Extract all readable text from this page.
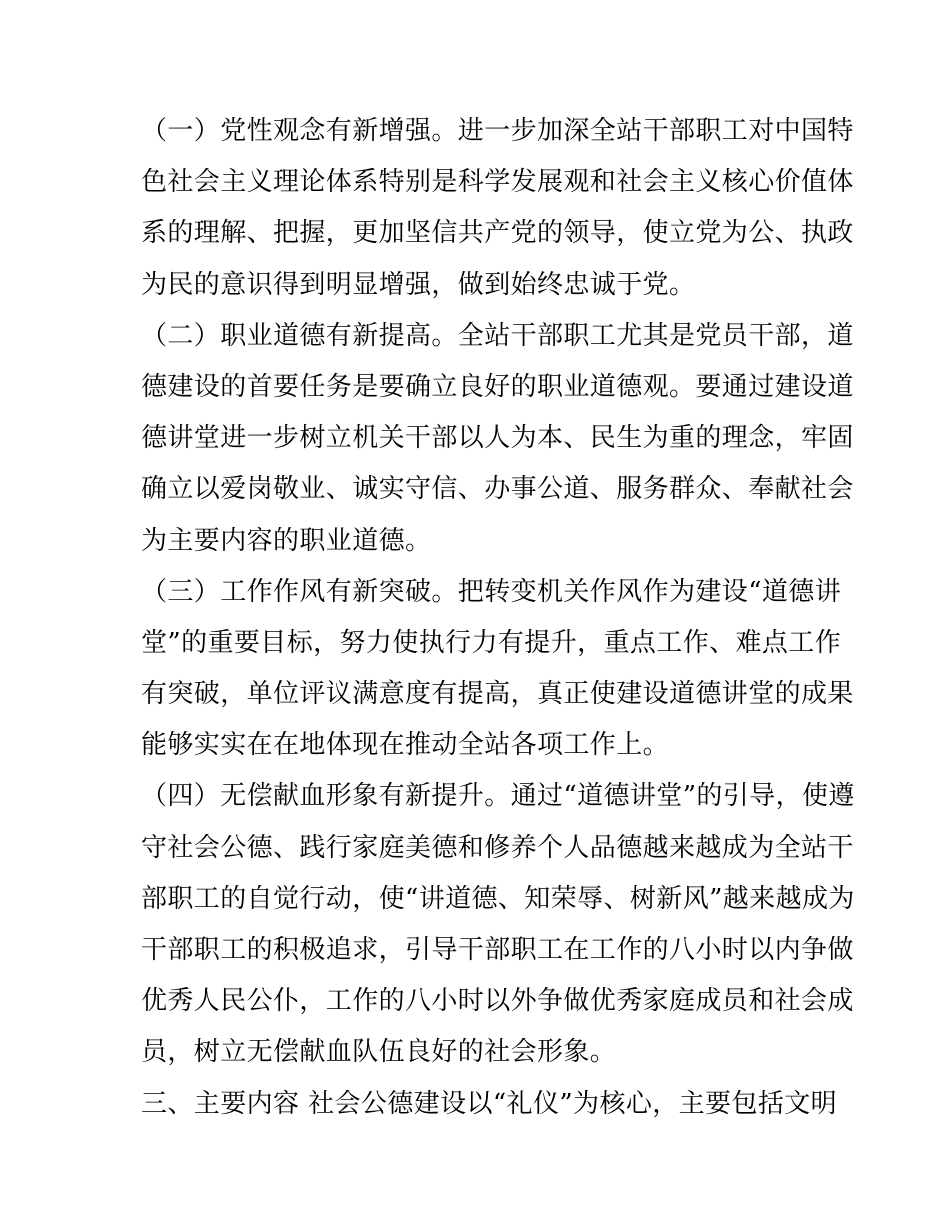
（一）党性观念有新增强。进一步加深全站干部职工对中国特
色社会主义理论体系特别是科学发展观和社会主义核心价值体
系的理解、把握，更加坚信共产党的领导，使立党为公、执政
为民的意识得到明显增强，做到始终忠诚于党。
（二）职业道德有新提高。全站干部职工尤其是党员干部，道
德建设的首要任务是要确立良好的职业道德观。要通过建设道
德讲堂进一步树立机关干部以人为本、民生为重的理念，牢固
确立以爱岗敬业、诚实守信、办事公道、服务群众、奉献社会
为主要内容的职业道德。
（三）工作作风有新突破。把转变机关作风作为建设“道德讲
堂”的重要目标，努力使执行力有提升，重点工作、难点工作
有突破，单位评议满意度有提高，真正使建设道德讲堂的成果
能够实实在在地体现在推动全站各项工作上。
（四）无偿献血形象有新提升。通过“道德讲堂”的引导，使遵
守社会公德、践行家庭美德和修养个人品德越来越成为全站干
部职工的自觉行动，使“讲道德、知荣辱、树新风”越来越成为
干部职工的积极追求，引导干部职工在工作的八小时以内争做
优秀人民公仆，工作的八小时以外争做优秀家庭成员和社会成
员，树立无偿献血队伍良好的社会形象。
三、主要内容 社会公德建设以“礼仪”为核心，主要包括文明
